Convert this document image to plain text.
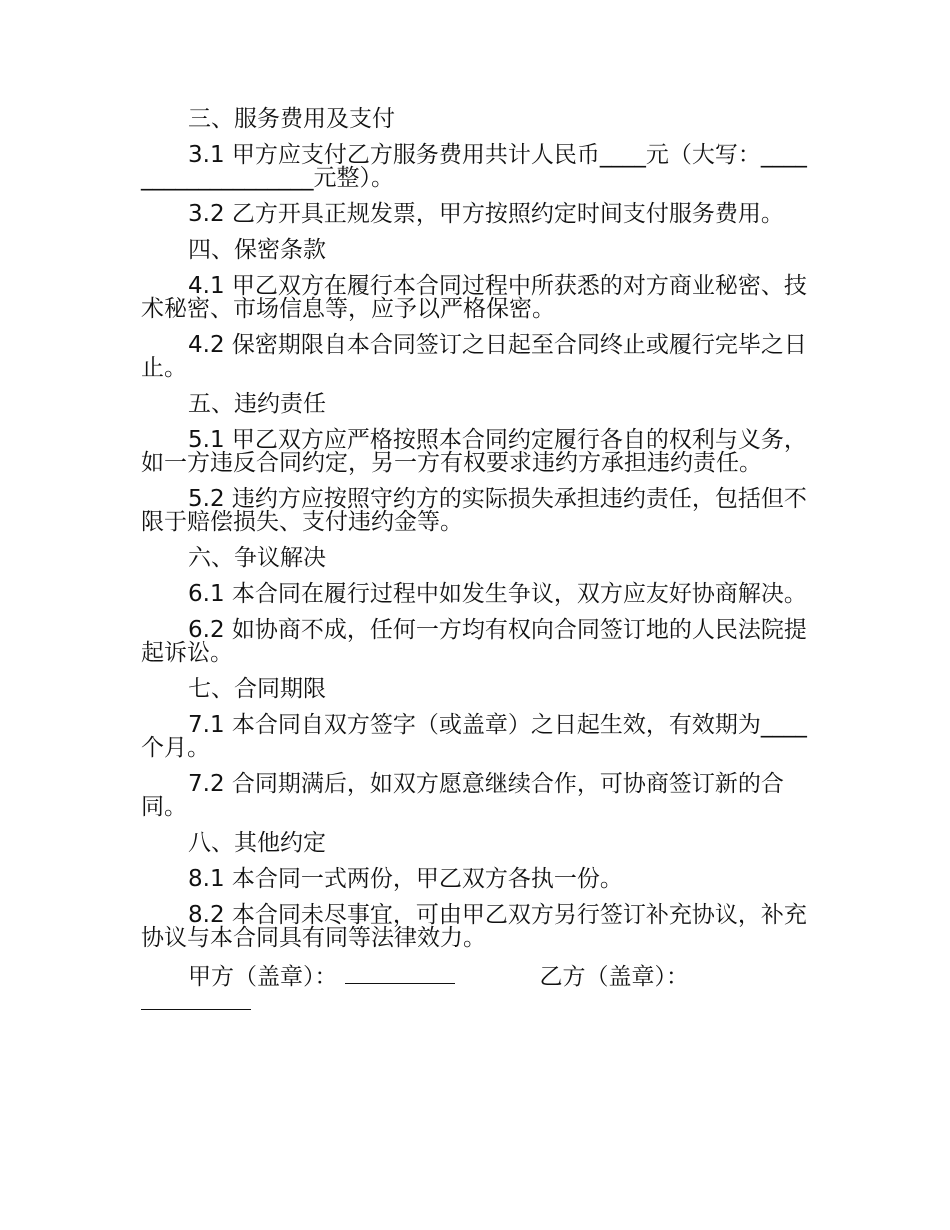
三、服务费用及支付
3.1 甲方应支付乙方服务费用共计人民币____元（大写：___________________元整）。
3.2 乙方开具正规发票，甲方按照约定时间支付服务费用。
四、保密条款
4.1 甲乙双方在履行本合同过程中所获悉的对方商业秘密、技术秘密、市场信息等，应予以严格保密。
4.2 保密期限自本合同签订之日起至合同终止或履行完毕之日止。
五、违约责任
5.1 甲乙双方应严格按照本合同约定履行各自的权利与义务，如一方违反合同约定，另一方有权要求违约方承担违约责任。
5.2 违约方应按照守约方的实际损失承担违约责任，包括但不限于赔偿损失、支付违约金等。
六、争议解决
6.1 本合同在履行过程中如发生争议，双方应友好协商解决。
6.2 如协商不成，任何一方均有权向合同签订地的人民法院提起诉讼。
七、合同期限
7.1 本合同自双方签字（或盖章）之日起生效，有效期为____个月。
7.2 合同期满后，如双方愿意继续合作，可协商签订新的合同。
八、其他约定
8.1 本合同一式两份，甲乙双方各执一份。
8.2 本合同未尽事宜，可由甲乙双方另行签订补充协议，补充协议与本合同具有同等法律效力。
甲方（盖章）：	乙方（盖章）：
